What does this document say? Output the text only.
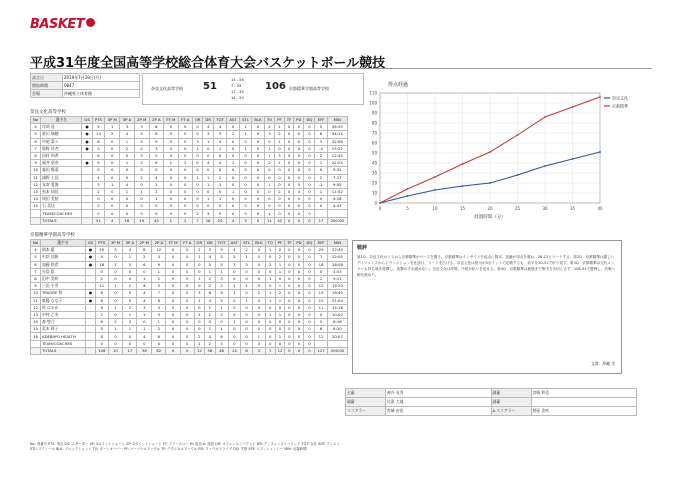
BASKET
平成31年度全国高等学校総合体育大会バスケットボール競技
試合日	2019年7月29日(月)
開始時間	0847
会場	沖縄県立体育館
奈良文化高等学校 51
13 - 26
7 - 25
17 - 35
14 - 20
106 京都精華学園高等学校
奈良文化高等学校
No	選手名	GS	PTS	3P M	3P A	2P M	2P A	FT M	FT A	OR	DR	TOT	AST	STL	BLK	TO	PF	TF	PD	DQ	EFF	MIN
4	岸岡 遥	●	9	1	3	3	6	0	0	0	4	4	0	1	0	2	1	0	0	0	5	36:30
5	笹川 瑞穂	●	14	2	4	4	8	0	0	0	3	3	2	1	0	3	2	0	0	0	8	34:14
6	中尾 菜々	●	8	0	1	4	9	0	0	3	1	4	0	0	0	0	1	0	0	0	3	32:06
7	奥野 玲杏	●	0	0	2	0	3	0	0	1	0	1	0	1	0	1	0	0	0	0	-4	15:22
8	田村 和香		6	0	0	3	5	0	0	0	0	0	0	0	0	1	3	0	0	0	2	12:45
9	福井 栞奈	●	5	0	1	2	6	1	2	0	4	4	1	0	0	2	1	0	0	0	1	22:25
10	森田 陽菜		0	0	0	0	0	0	0	0	0	0	0	0	0	0	0	0	0	0	0	5:32
11	浦野 七佳		4	0	0	2	4	0	0	1	1	2	0	0	0	0	0	0	0	0	2	7:27
12	友寄 愛海		3	1	4	0	1	0	0	0	1	1	0	0	0	1	0	0	0	0	-1	9:05
13	松本 知佳		2	0	1	1	2	0	0	0	0	0	1	0	0	0	2	0	0	0	1	11:52
14	岡田 美結		0	0	0	0	1	0	0	0	1	1	0	0	0	0	0	0	0	0	0	4:18
15	石 美佳		0	0	0	0	0	0	0	0	0	0	0	0	0	0	0	0	0	0	0	4:43
	TEAM/COACHES		0	0	0	0	0	0	0	2	3	5	0	0	0	1	0	0	0	0		
	TOTALS		51	4	16	19	45	1	2	7	18	25	4	3	0	11	10	0	0	0	17	200:00
京都精華学園高等学校
No	選手名	GS	PTS	3P M	3P A	2P M	2P A	FT M	FT A	OR	DR	TOT	AST	STL	BLK	TO	PF	TF	PD	DQ	EFF	MIN
4	岡本 藍	●	25	3	4	8	12	0	0	2	3	5	4	2	0	1	2	0	0	0	29	22:44
5	中浜 佳帆	●	4	0	1	2	4	0	0	1	4	5	2	1	0	0	2	0	0	0	7	22:05
6	加藤 咲希	●	18	2	3	6	9	0	0	0	5	5	3	3	0	2	1	0	0	0	18	28:08
7	矢島 彩		0	0	0	0	1	0	0	0	1	1	0	0	0	0	1	0	0	0	0	4:53
8	田中 美咲		2	0	0	1	2	0	0	1	2	3	0	0	0	1	0	0	0	0	2	9:11
9	三田 小雪		11	1	2	4	5	0	0	0	2	2	1	1	0	0	1	0	0	0	12	15:20
10	TRAORE 牧	●	8	0	0	4	7	0	0	3	6	9	1	0	2	1	2	0	0	0	15	18:40
11	東藤 なな子	●	8	0	0	4	6	0	0	1	4	5	0	1	0	1	1	0	0	0	10	21:04
12	所 はるか		9	1	2	3	4	0	0	0	1	1	2	0	0	0	0	0	0	0	11	15:16
13	中村 乙実		2	0	1	1	3	0	0	1	1	2	0	0	0	1	1	0	0	0	0	10:02
14	森 悠乃		6	2	3	0	1	0	0	0	0	0	1	0	0	0	0	0	0	0	5	6:18
15	荒木 莉子		5	1	1	1	2	0	0	0	1	1	0	0	0	0	0	0	0	0	6	6:20
16	ADEBAYO HEALTH		8	0	0	4	6	0	0	2	4	6	0	0	1	0	1	0	0	0	12	20:07
	TEAM/COACHES		0	0	0	0	0	0	0	1	2	3	0	0	0	0	0	0	0	0		
	TOTALS		106	10	17	38	62	0	0	12	36	48	14	8	3	7	12	0	0	0	127	200:00
No: 背番号 PTS: 得点 GS: スターター 3P: 3ポイントシュート 2P: 2ポイントシュート FT: フリースロー M: 成功 A: 試投 OR: オフェンスリバウンド DR: ディフェンスリバウンド TOT: 合計 AST: アシスト STL: スティール BLK: ブロックショット TO: ターンオーバー PF: パーソナルファウル TF: テクニカルファウル PD: ファウルドライブ DQ: 失格 EFF: エフィシェンシー MIN: 出場時間
得点経過
0
10
20
30
40
50
60
70
80
90
100
110
0	5	10	15	20	25	30	35	40
経過時間（分）
奈良文化
京都精華
戦評

第1Q　奈良文化のミスから京都精華がペースを握る。京都精華はインサイドを起点に岡本、加藤が得点を重ね、26-13とリードする。第2Q　京都精華は激しいディフェンスからトランジションを仕掛け、リードを広げる。奈良文化は笹川が3ポイントで応戦するも、前半を20-51で折り返す。第3Q　京都精華は交代メンバーも持ち味を発揮し、攻撃の手を緩めない。奈良文化は岸岡、中尾が粘りを見せる。第4Q　京都精華は最後まで集中力を切らさず、106-51で勝利し、次戦へ駒を進めた。

文責：沖縄 学
主審	神谷 友秀	副審	宮城 和也
副審	比嘉 大地	副審	
スコアラー	宮城 由佳	A.スコアラー	照屋 美咲
